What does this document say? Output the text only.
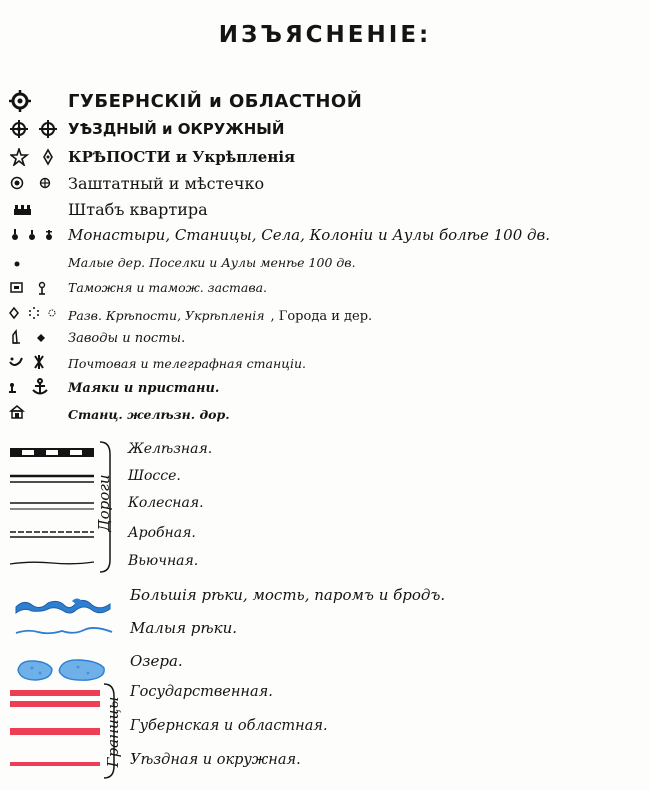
ИЗЪЯСНЕНІЕ:
ГУБЕРНСКІЙ и ОБЛАСТНОЙ
УѢЗДНЫЙ и ОКРУЖНЫЙ
КРѢПОСТИ и Укрѣпленія
Заштатный и мѣстечко
Штабъ квартира
Монастыри, Станицы, Села, Колоніи и Аулы болѣе 100 дв.
Малые дер. Поселки и Аулы менѣе 100 дв.
Таможня и тамож. застава.
Разв. Крѣпости, Укрѣпленія , Города и дер.
Заводы и посты.
Почтовая и телеграфная станціи.
Маяки и пристани.
Станц. желѣзн. дор.
Дороги
Желѣзная.
Шоссе.
Колесная.
Аробная.
Вьючная.
Большія рѣки, мость, паромъ и бродъ.
Малыя рѣки.
Озера.
Границы
Государственная.
Губернская и областная.
Уѣздная и окружная.
